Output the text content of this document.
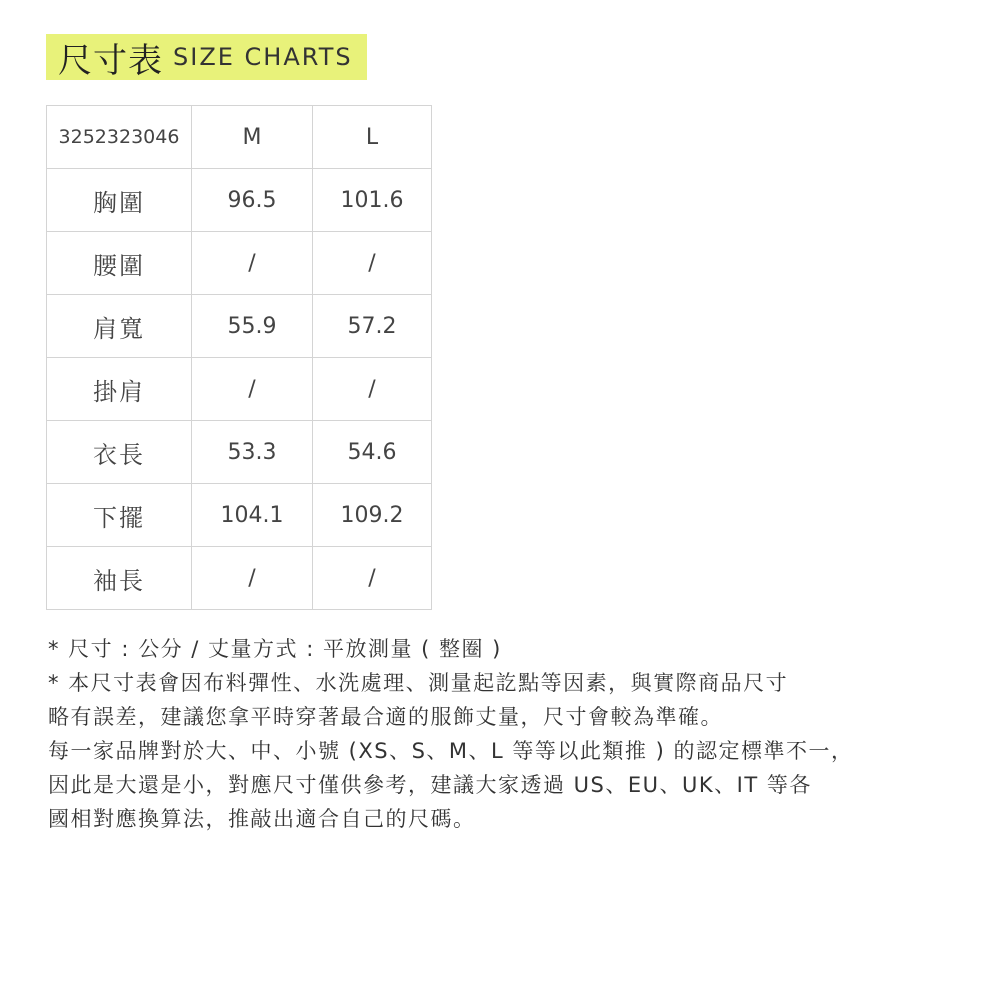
尺寸表 SIZE CHARTS
3252323046	M	L
胸圍	96.5	101.6
腰圍	/	/
肩寬	55.9	57.2
掛肩	/	/
衣長	53.3	54.6
下擺	104.1	109.2
袖長	/	/

* 尺寸 : 公分 / 丈量方式 : 平放測量 ( 整圈 )

* 本尺寸表會因布料彈性、水洗處理、測量起訖點等因素，與實際商品尺寸

略有誤差，建議您拿平時穿著最合適的服飾丈量，尺寸會較為準確。

每一家品牌對於大、中、小號 (XS、S、M、L 等等以此類推 ) 的認定標準不一，

因此是大還是小，對應尺寸僅供參考，建議大家透過 US、EU、UK、IT 等各

國相對應換算法，推敲出適合自己的尺碼。
